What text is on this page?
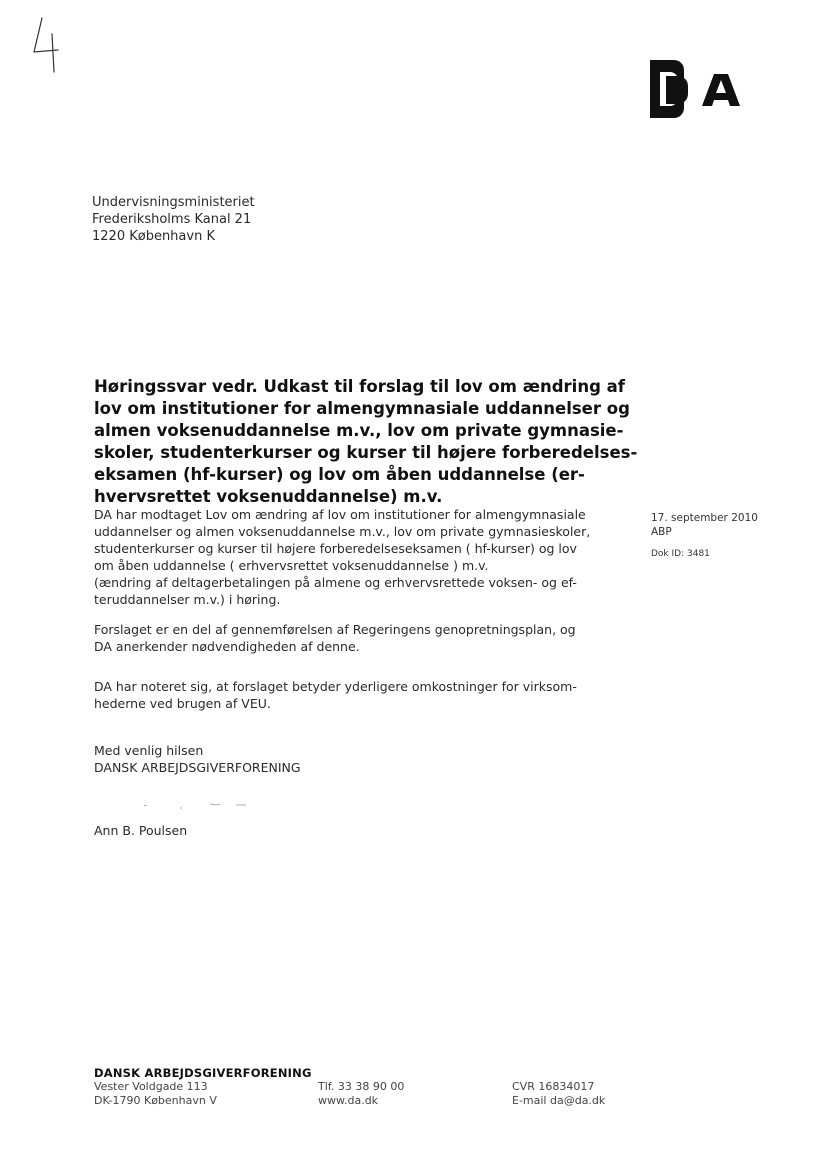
Undervisningsministeriet
Frederiksholms Kanal 21
1220 København K
Høringssvar vedr. Udkast til forslag til lov om ændring af
lov om institutioner for almengymnasiale uddannelser og
almen voksenuddannelse m.v., lov om private gymnasie-
skoler, studenterkurser og kurser til højere forberedelses-
eksamen (hf-kurser) og lov om åben uddannelse (er-
hvervsrettet voksenuddannelse) m.v.
17. september 2010
ABP
Dok ID: 3481
DA har modtaget Lov om ændring af lov om institutioner for almengymnasiale
uddannelser og almen voksenuddannelse m.v., lov om private gymnasieskoler,
studenterkurser og kurser til højere forberedelseseksamen ( hf-kurser) og lov
om åben uddannelse ( erhvervsrettet voksenuddannelse ) m.v.
(ændring af deltagerbetalingen på almene og erhvervsrettede voksen- og ef-
teruddannelser m.v.) i høring.
Forslaget er en del af gennemførelsen af Regeringens genopretningsplan, og
DA anerkender nødvendigheden af denne.
DA har noteret sig, at forslaget betyder yderligere omkostninger for virksom-
hederne ved brugen af VEU.
Med venlig hilsen
DANSK ARBEJDSGIVERFORENING
Ann B. Poulsen
DANSK ARBEJDSGIVERFORENING
Vester Voldgade 113
DK-1790 København V
Tlf. 33 38 90 00
www.da.dk
CVR 16834017
E-mail da@da.dk
